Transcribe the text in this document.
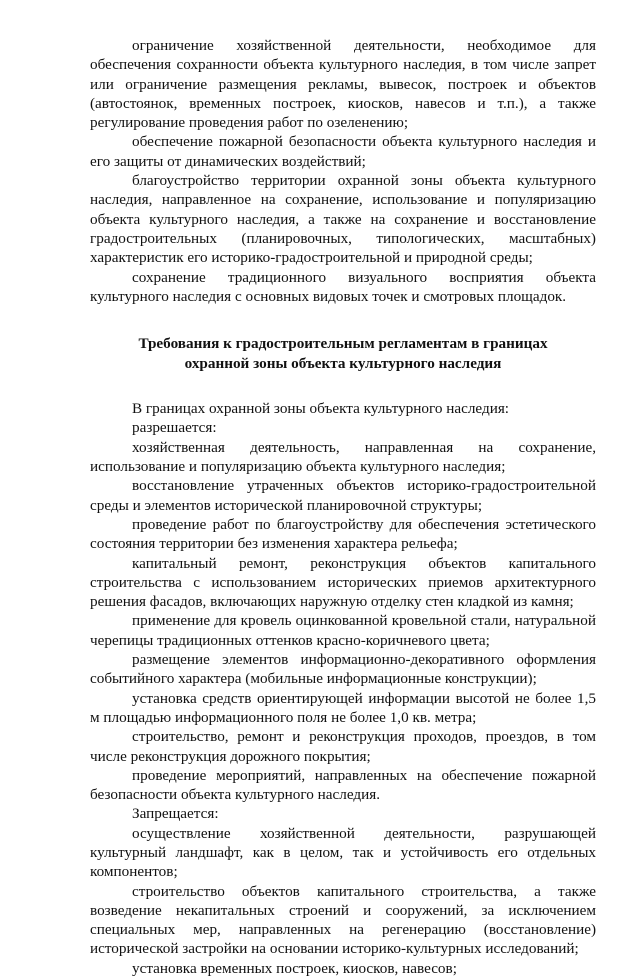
ограничение хозяйственной деятельности, необходимое для обеспечения сохранности объекта культурного наследия, в том числе запрет или ограничение размещения рекламы, вывесок, построек и объектов (автостоянок, временных построек, киосков, навесов и т.п.), а также регулирование проведения работ по озеленению;

обеспечение пожарной безопасности объекта культурного наследия и его защиты от динамических воздействий;

благоустройство территории охранной зоны объекта культурного наследия, направленное на сохранение, использование и популяризацию объекта культурного наследия, а также на сохранение и восстановление градостроительных (планировочных, типологических, масштабных) характеристик его историко-градостроительной и природной среды;

сохранение традиционного визуального восприятия объекта культурного наследия с основных видовых точек и смотровых площадок.

Требования к градостроительным регламентам в границах
охранной зоны объекта культурного наследия

В границах охранной зоны объекта культурного наследия:

разрешается:

хозяйственная деятельность, направленная на сохранение, использование и популяризацию объекта культурного наследия;

восстановление утраченных объектов историко-градостроительной среды и элементов исторической планировочной структуры;

проведение работ по благоустройству для обеспечения эстетического состояния территории без изменения характера рельефа;

капитальный ремонт, реконструкция объектов капитального строительства с использованием исторических приемов архитектурного решения фасадов, включающих наружную отделку стен кладкой из камня;

применение для кровель оцинкованной кровельной стали, натуральной черепицы традиционных оттенков красно-коричневого цвета;

размещение элементов информационно-декоративного оформления событийного характера (мобильные информационные конструкции);

установка средств ориентирующей информации высотой не более 1,5 м площадью информационного поля не более 1,0 кв. метра;

строительство, ремонт и реконструкция проходов, проездов, в том числе реконструкция дорожного покрытия;

проведение мероприятий, направленных на обеспечение пожарной безопасности объекта культурного наследия.

Запрещается:

осуществление хозяйственной деятельности, разрушающей культурный ландшафт, как в целом, так и устойчивость его отдельных компонентов;

строительство объектов капитального строительства, а также возведение некапитальных строений и сооружений, за исключением специальных мер, направленных на регенерацию (восстановление) исторической застройки на основании историко-культурных исследований;

установка временных построек, киосков, навесов;
